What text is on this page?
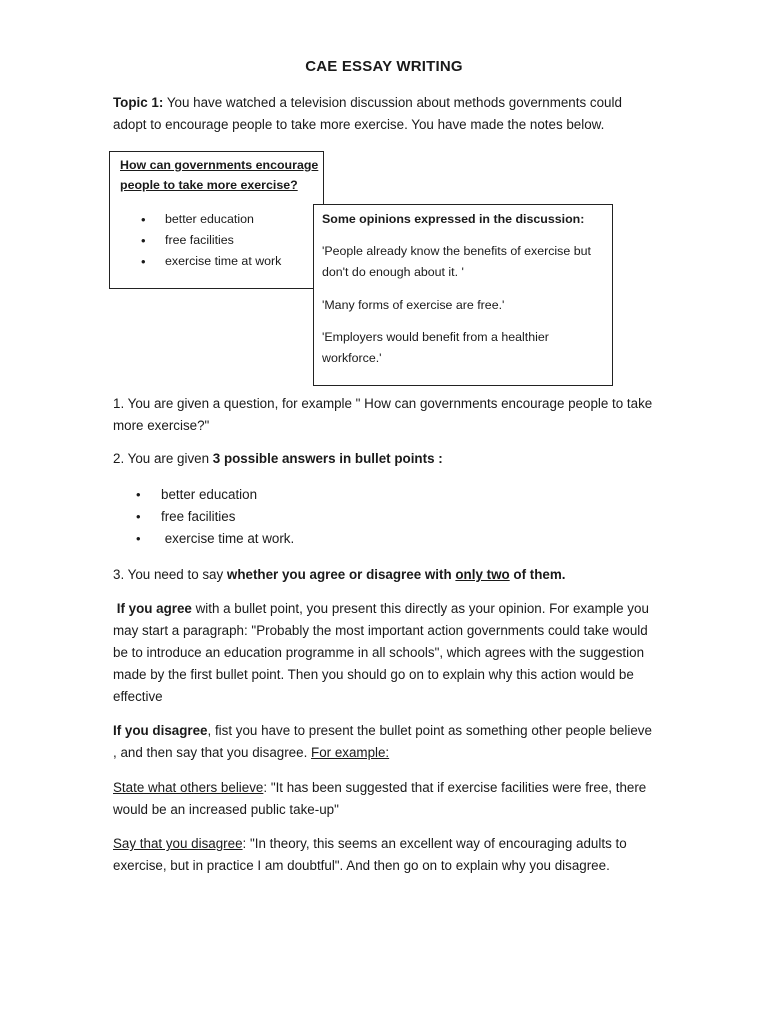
CAE ESSAY WRITING
Topic 1: You have watched a television discussion about methods governments could adopt to encourage people to take more exercise. You have made the notes below.
How can governments encourage people to take more exercise?
• better education
• free facilities
• exercise time at work
Some opinions expressed in the discussion:
'People already know the benefits of exercise but don't do enough about it. '
'Many forms of exercise are free.'
'Employers would benefit from a healthier workforce.'
1. You are given a question, for example " How can governments encourage people to take more exercise?"
2. You are given 3 possible answers in bullet points :
• better education
• free facilities
• exercise time at work.
3. You need to say whether you agree or disagree with only two of them.
If you agree with a bullet point, you present this directly as your opinion. For example you may start a paragraph: "Probably the most important action governments could take would be to introduce an education programme in all schools", which agrees with the suggestion made by the first bullet point. Then you should go on to explain why this action would be effective
If you disagree, fist you have to present the bullet point as something other people believe , and then say that you disagree. For example:
State what others believe: "It has been suggested that if exercise facilities were free, there would be an increased public take-up"
Say that you disagree: "In theory, this seems an excellent way of encouraging adults to exercise, but in practice I am doubtful". And then go on to explain why you disagree.
